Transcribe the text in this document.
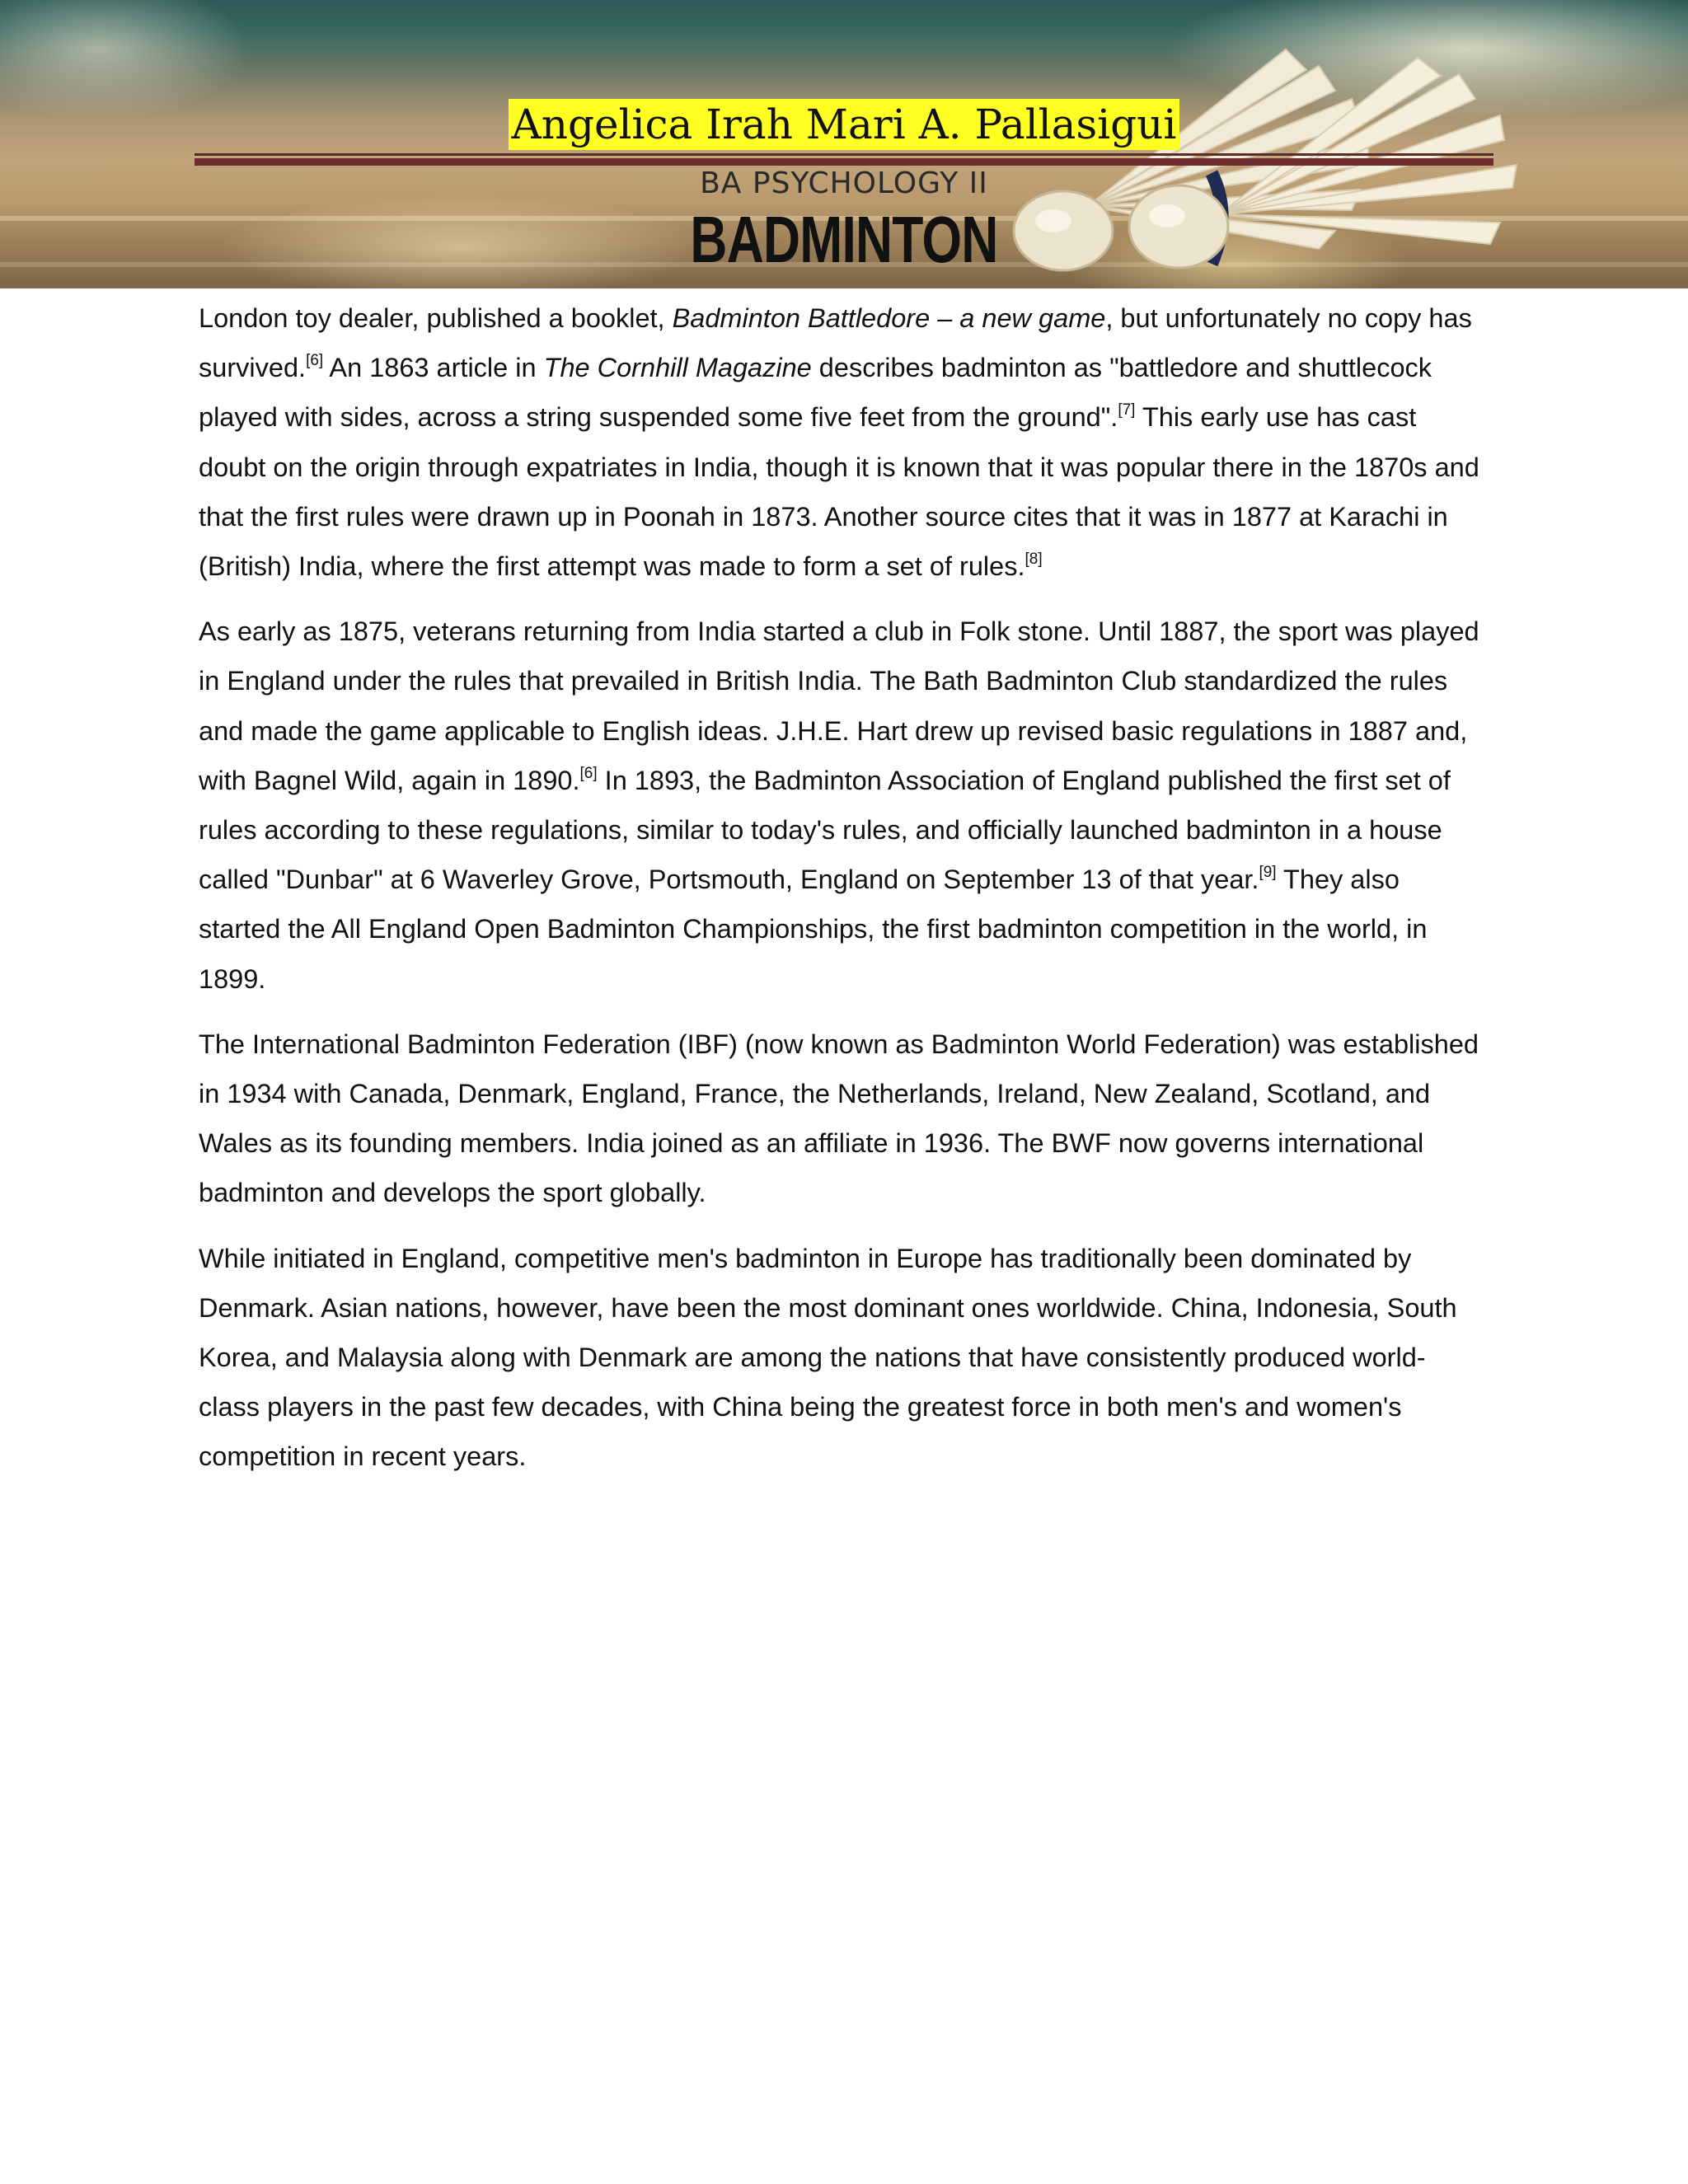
Angelica Irah Mari A. Pallasigui
BA PSYCHOLOGY II
BADMINTON

London toy dealer, published a booklet, Badminton Battledore – a new game, but unfortunately no copy has survived.[6] An 1863 article in The Cornhill Magazine describes badminton as "battledore and shuttlecock played with sides, across a string suspended some five feet from the ground".[7] This early use has cast doubt on the origin through expatriates in India, though it is known that it was popular there in the 1870s and that the first rules were drawn up in Poonah in 1873. Another source cites that it was in 1877 at Karachi in (British) India, where the first attempt was made to form a set of rules.[8]

As early as 1875, veterans returning from India started a club in Folk stone. Until 1887, the sport was played in England under the rules that prevailed in British India. The Bath Badminton Club standardized the rules and made the game applicable to English ideas. J.H.E. Hart drew up revised basic regulations in 1887 and, with Bagnel Wild, again in 1890.[6] In 1893, the Badminton Association of England published the first set of rules according to these regulations, similar to today's rules, and officially launched badminton in a house called "Dunbar" at 6 Waverley Grove, Portsmouth, England on September 13 of that year.[9] They also started the All England Open Badminton Championships, the first badminton competition in the world, in 1899.

The International Badminton Federation (IBF) (now known as Badminton World Federation) was established in 1934 with Canada, Denmark, England, France, the Netherlands, Ireland, New Zealand, Scotland, and Wales as its founding members. India joined as an affiliate in 1936. The BWF now governs international badminton and develops the sport globally.

While initiated in England, competitive men's badminton in Europe has traditionally been dominated by Denmark. Asian nations, however, have been the most dominant ones worldwide. China, Indonesia, South Korea, and Malaysia along with Denmark are among the nations that have consistently produced world-class players in the past few decades, with China being the greatest force in both men's and women's competition in recent years.
